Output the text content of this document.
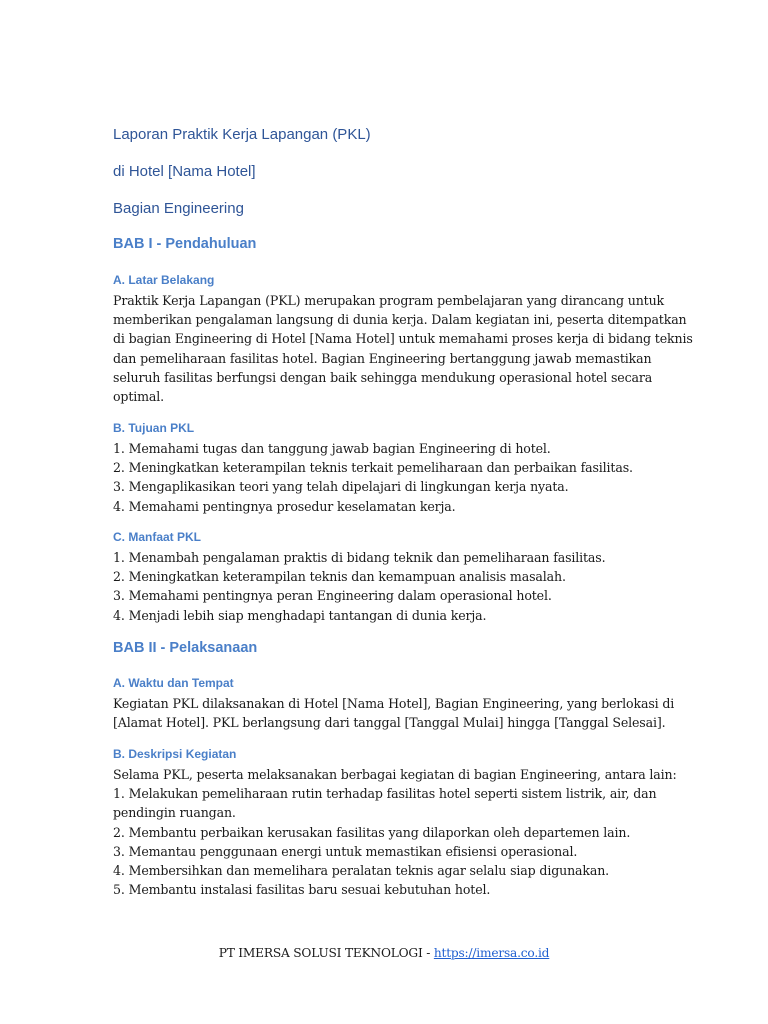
Laporan Praktik Kerja Lapangan (PKL)
di Hotel [Nama Hotel]
Bagian Engineering
BAB I - Pendahuluan
A. Latar Belakang
Praktik Kerja Lapangan (PKL) merupakan program pembelajaran yang dirancang untuk
memberikan pengalaman langsung di dunia kerja. Dalam kegiatan ini, peserta ditempatkan
di bagian Engineering di Hotel [Nama Hotel] untuk memahami proses kerja di bidang teknis
dan pemeliharaan fasilitas hotel. Bagian Engineering bertanggung jawab memastikan
seluruh fasilitas berfungsi dengan baik sehingga mendukung operasional hotel secara
optimal.
B. Tujuan PKL
1. Memahami tugas dan tanggung jawab bagian Engineering di hotel.
2. Meningkatkan keterampilan teknis terkait pemeliharaan dan perbaikan fasilitas.
3. Mengaplikasikan teori yang telah dipelajari di lingkungan kerja nyata.
4. Memahami pentingnya prosedur keselamatan kerja.
C. Manfaat PKL
1. Menambah pengalaman praktis di bidang teknik dan pemeliharaan fasilitas.
2. Meningkatkan keterampilan teknis dan kemampuan analisis masalah.
3. Memahami pentingnya peran Engineering dalam operasional hotel.
4. Menjadi lebih siap menghadapi tantangan di dunia kerja.
BAB II - Pelaksanaan
A. Waktu dan Tempat
Kegiatan PKL dilaksanakan di Hotel [Nama Hotel], Bagian Engineering, yang berlokasi di
[Alamat Hotel]. PKL berlangsung dari tanggal [Tanggal Mulai] hingga [Tanggal Selesai].
B. Deskripsi Kegiatan
Selama PKL, peserta melaksanakan berbagai kegiatan di bagian Engineering, antara lain:
1. Melakukan pemeliharaan rutin terhadap fasilitas hotel seperti sistem listrik, air, dan
pendingin ruangan.
2. Membantu perbaikan kerusakan fasilitas yang dilaporkan oleh departemen lain.
3. Memantau penggunaan energi untuk memastikan efisiensi operasional.
4. Membersihkan dan memelihara peralatan teknis agar selalu siap digunakan.
5. Membantu instalasi fasilitas baru sesuai kebutuhan hotel.
PT IMERSA SOLUSI TEKNOLOGI - https://imersa.co.id
